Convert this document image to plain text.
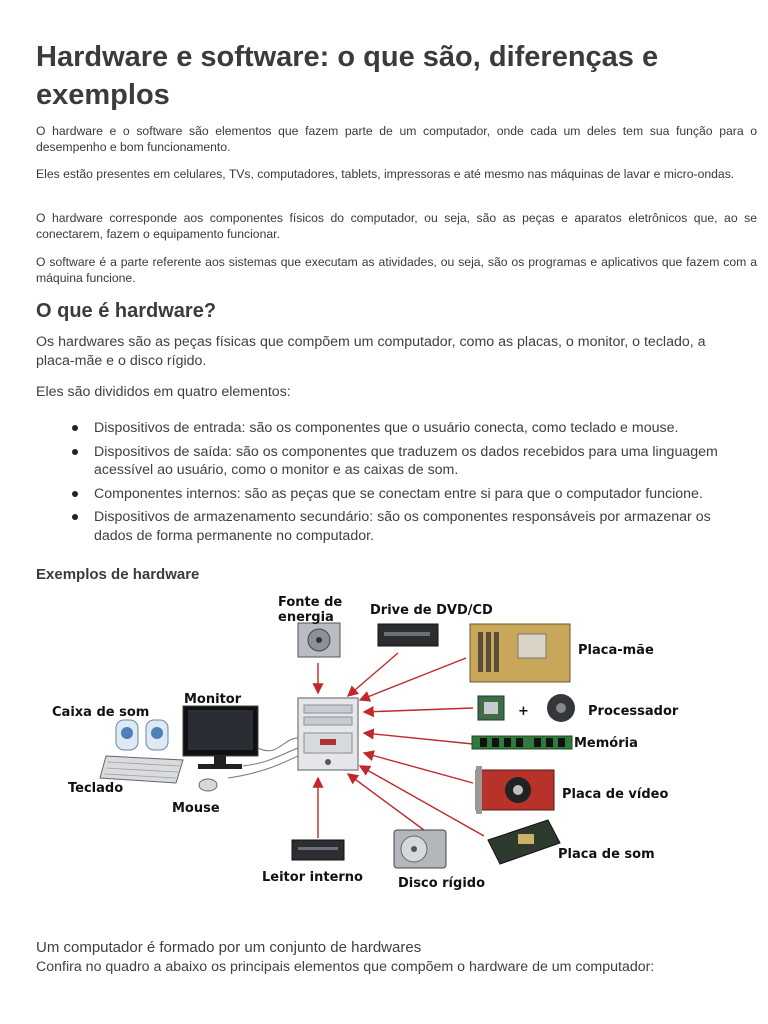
Hardware e software: o que são, diferenças e exemplos

O hardware e o software são elementos que fazem parte de um computador, onde cada um deles tem sua função para o desempenho e bom funcionamento.

Eles estão presentes em celulares, TVs, computadores, tablets, impressoras e até mesmo nas máquinas de lavar e micro-ondas.

O hardware corresponde aos componentes físicos do computador, ou seja, são as peças e aparatos eletrônicos que, ao se conectarem, fazem o equipamento funcionar.

O software é a parte referente aos sistemas que executam as atividades, ou seja, são os programas e aplicativos que fazem com a máquina funcione.

O que é hardware?

Os hardwares são as peças físicas que compõem um computador, como as placas, o monitor, o teclado, a placa-mãe e o disco rígido.

Eles são divididos em quatro elementos:

Dispositivos de entrada: são os componentes que o usuário conecta, como teclado e mouse.
Dispositivos de saída: são os componentes que traduzem os dados recebidos para uma linguagem acessível ao usuário, como o monitor e as caixas de som.
Componentes internos: são as peças que se conectam entre si para que o computador funcione.
Dispositivos de armazenamento secundário: são os componentes responsáveis por armazenar os dados de forma permanente no computador.
Exemplos de hardware
Fonte de
energia	Drive de DVD/CD
Placa-mãe
+	Processador
Memória
Placa de vídeo
Placa de som
Disco rígido
Leitor interno
Caixa de som
Monitor
Teclado
Mouse

Um computador é formado por um conjunto de hardwares

Confira no quadro a abaixo os principais elementos que compõem o hardware de um computador:
